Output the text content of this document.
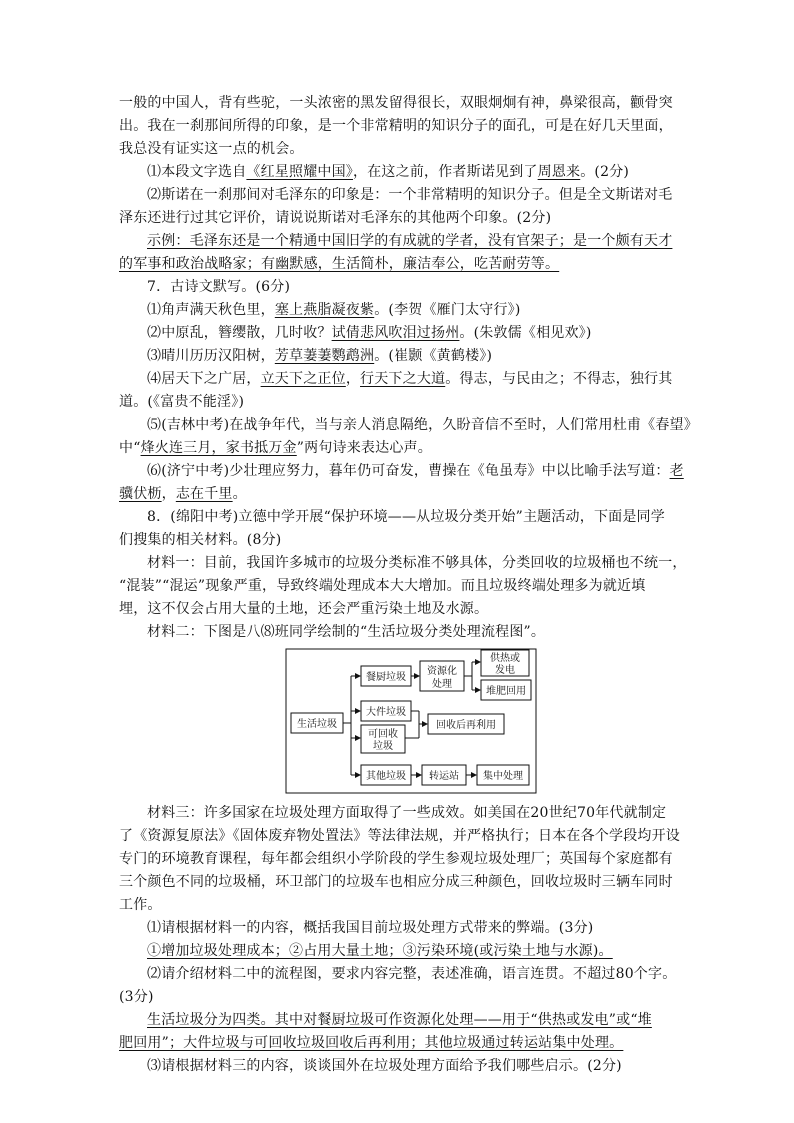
一般的中国人，背有些驼，一头浓密的黑发留得很长，双眼炯炯有神，鼻梁很高，颧骨突
出。我在一刹那间所得的印象，是一个非常精明的知识分子的面孔，可是在好几天里面，
我总没有证实这一点的机会。
⑴本段文字选自《红星照耀中国》，在这之前，作者斯诺见到了周恩来。(2分)
⑵斯诺在一刹那间对毛泽东的印象是：一个非常精明的知识分子。但是全文斯诺对毛
泽东还进行过其它评价，请说说斯诺对毛泽东的其他两个印象。(2分)
示例：毛泽东还是一个精通中国旧学的有成就的学者，没有官架子；是一个颇有天才
的军事和政治战略家；有幽默感，生活简朴，廉洁奉公，吃苦耐劳等。
7．古诗文默写。(6分)
⑴角声满天秋色里，塞上燕脂凝夜紫。(李贺《雁门太守行》)
⑵中原乱，簪缨散，几时收？试倩悲风吹泪过扬州。(朱敦儒《相见欢》)
⑶晴川历历汉阳树，芳草萋萋鹦鹉洲。(崔颢《黄鹤楼》)
⑷居天下之广居，立天下之正位，行天下之大道。得志，与民由之；不得志，独行其
道。(《富贵不能淫》)
⑸(吉林中考)在战争年代，当与亲人消息隔绝，久盼音信不至时，人们常用杜甫《春望》
中“烽火连三月，家书抵万金”两句诗来表达心声。
⑹(济宁中考)少壮理应努力，暮年仍可奋发，曹操在《龟虽寿》中以比喻手法写道：老
骥伏枥，志在千里。
8．(绵阳中考)立德中学开展“保护环境——从垃圾分类开始”主题活动，下面是同学
们搜集的相关材料。(8分)
材料一：目前，我国许多城市的垃圾分类标准不够具体，分类回收的垃圾桶也不统一，
“混装”“混运”现象严重，导致终端处理成本大大增加。而且垃圾终端处理多为就近填
埋，这不仅会占用大量的土地，还会严重污染土地及水源。
材料二：下图是八⑻班同学绘制的“生活垃圾分类处理流程图”。
生活垃圾
餐厨垃圾
资源化
处理
供热或
发电
堆肥回用
大件垃圾
可回收
垃圾
回收后再利用
其他垃圾 转运站 集中处理
材料三：许多国家在垃圾处理方面取得了一些成效。如美国在20世纪70年代就制定
了《资源复原法》《固体废弃物处置法》等法律法规，并严格执行；日本在各个学段均开设
专门的环境教育课程，每年都会组织小学阶段的学生参观垃圾处理厂；英国每个家庭都有
三个颜色不同的垃圾桶，环卫部门的垃圾车也相应分成三种颜色，回收垃圾时三辆车同时
工作。
⑴请根据材料一的内容，概括我国目前垃圾处理方式带来的弊端。(3分)
①增加垃圾处理成本；②占用大量土地；③污染环境(或污染土地与水源)。
⑵请介绍材料二中的流程图，要求内容完整，表述准确，语言连贯。不超过80个字。
(3分)
生活垃圾分为四类。其中对餐厨垃圾可作资源化处理——用于“供热或发电”或“堆
肥回用”；大件垃圾与可回收垃圾回收后再利用；其他垃圾通过转运站集中处理。
⑶请根据材料三的内容，谈谈国外在垃圾处理方面给予我们哪些启示。(2分)
